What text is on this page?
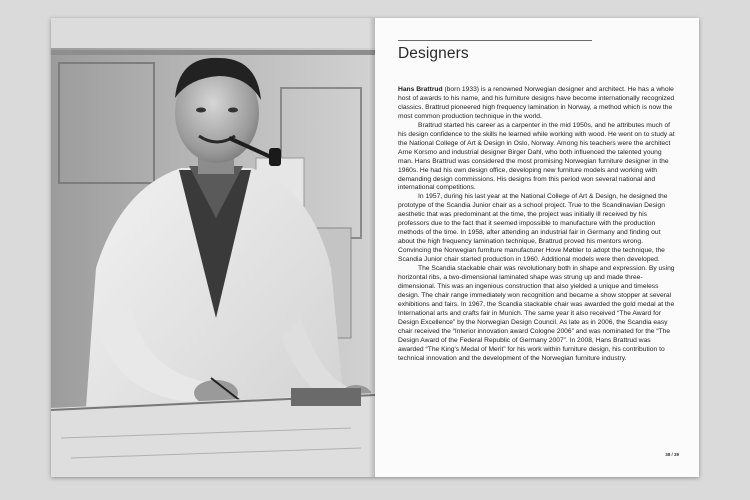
Designers

Hans Brattrud (born 1933) is a renowned Norwegian designer and architect. He has a whole host of awards to his name, and his furniture designs have become internationally recognized classics. Brattrud pioneered high frequency lamination in Norway, a method which is now the most common production technique in the world.

Brattrud started his career as a carpenter in the mid 1950s, and he attributes much of his design confidence to the skills he learned while working with wood. He went on to study at the National College of Art & Design in Oslo, Norway. Among his teachers were the architect Arne Korsmo and industrial designer Birger Dahl, who both influenced the talented young man. Hans Brattrud was considered the most promising Norwegian furniture designer in the 1960s. He had his own design office, developing new furniture models and working with demanding design commissions. His designs from this period won several national and international competitions.

In 1957, during his last year at the National College of Art & Design, he designed the prototype of the Scandia Junior chair as a school project. True to the Scandinavian Design aesthetic that was predominant at the time, the project was initially ill received by his professors due to the fact that it seemed impossible to manufacture with the production methods of the time. In 1958, after attending an industrial fair in Germany and finding out about the high frequency lamination technique, Brattrud proved his mentors wrong. Convincing the Norwegian furniture manufacturer Hove Møbler to adopt the technique, the Scandia Junior chair started production in 1960. Additional models were then developed.

The Scandia stackable chair was revolutionary both in shape and expression. By using horizontal ribs, a two-dimensional laminated shape was strung up and made three-dimensional. This was an ingenious construction that also yielded a unique and timeless design. The chair range immediately won recognition and became a show stopper at several exhibitions and fairs. In 1967, the Scandia stackable chair was awarded the gold medal at the International arts and crafts fair in Munich. The same year it also received “The Award for Design Excellence” by the Norwegian Design Council. As late as in 2006, the Scandia easy chair received the “Interior innovation award Cologne 2006” and was nominated for the “The Design Award of the Federal Republic of Germany 2007”. In 2008, Hans Brattrud was awarded “The King's Medal of Merit” for his work within furniture design, his contribution to technical innovation and the development of the Norwegian furniture industry.

38 / 39
